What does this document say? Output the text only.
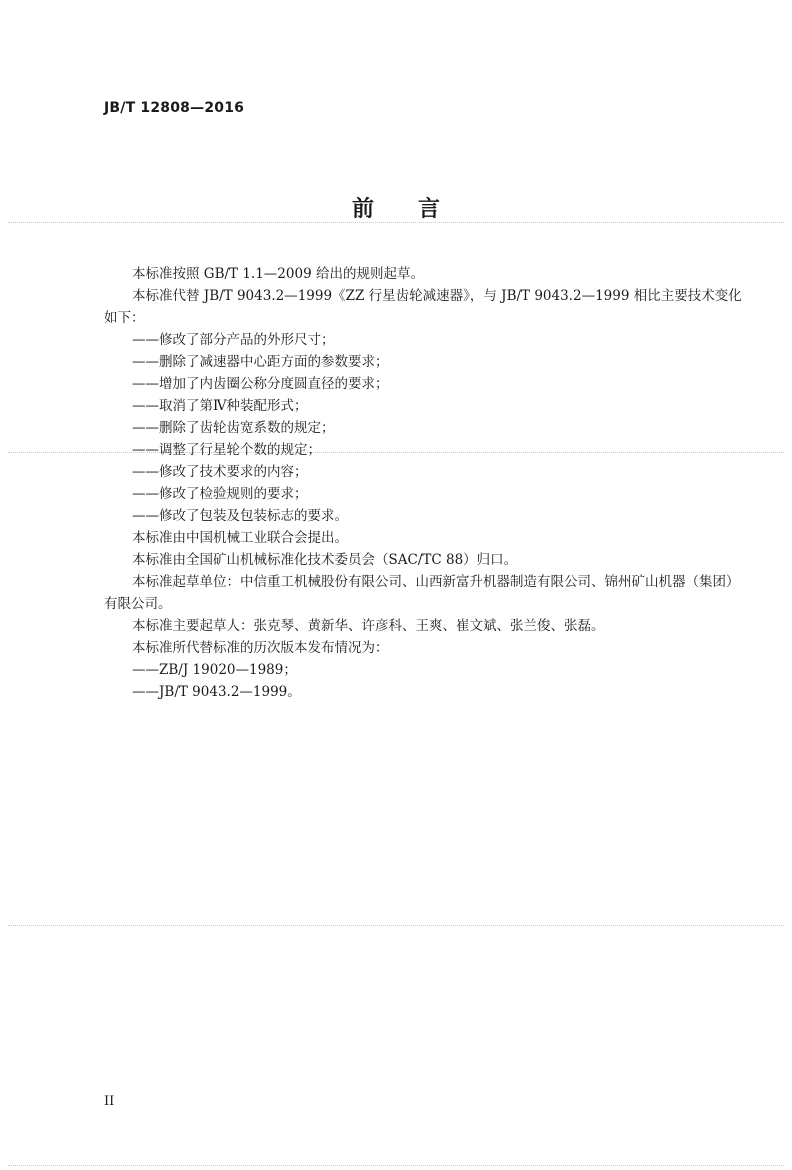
JB/T 12808—2016
前言

本标准按照 GB/T 1.1—2009 给出的规则起草。

本标准代替 JB/T 9043.2—1999《ZZ 行星齿轮减速器》，与 JB/T 9043.2—1999 相比主要技术变化如下：

——修改了部分产品的外形尺寸；

——删除了减速器中心距方面的参数要求；

——增加了内齿圈公称分度圆直径的要求；

——取消了第Ⅳ种装配形式；

——删除了齿轮齿宽系数的规定；

——调整了行星轮个数的规定；

——修改了技术要求的内容；

——修改了检验规则的要求；

——修改了包装及包装标志的要求。

本标准由中国机械工业联合会提出。

本标准由全国矿山机械标准化技术委员会（SAC/TC 88）归口。

本标准起草单位：中信重工机械股份有限公司、山西新富升机器制造有限公司、锦州矿山机器（集团）有限公司。

本标准主要起草人：张克琴、黄新华、许彦科、王爽、崔文斌、张兰俊、张磊。

本标准所代替标准的历次版本发布情况为：

——ZB/J 19020—1989；

——JB/T 9043.2—1999。

II
